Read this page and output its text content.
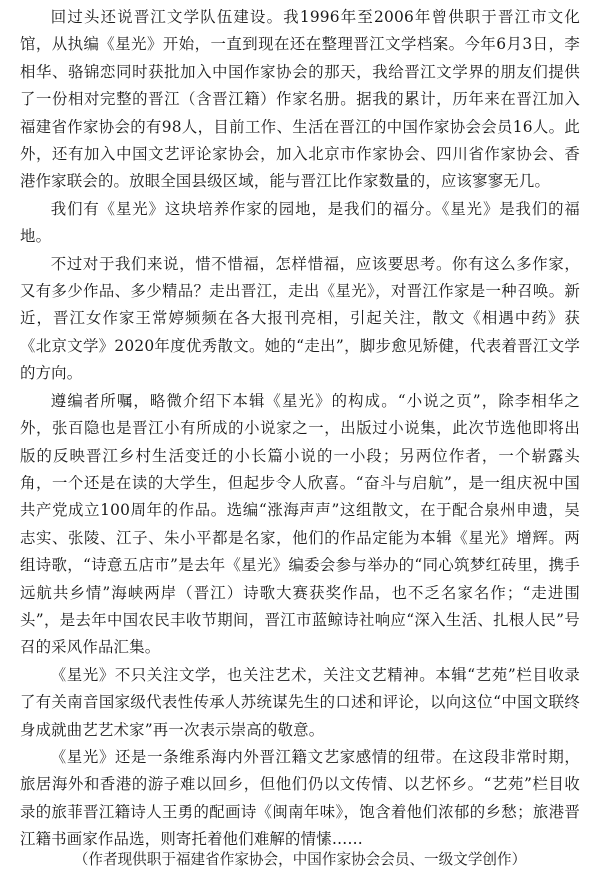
回过头还说晋江文学队伍建设。我1996年至2006年曾供职于晋江市文化馆，从执编《星光》开始，一直到现在还在整理晋江文学档案。今年6月3日，李相华、骆锦恋同时获批加入中国作家协会的那天，我给晋江文学界的朋友们提供了一份相对完整的晋江（含晋江籍）作家名册。据我的累计，历年来在晋江加入福建省作家协会的有98人，目前工作、生活在晋江的中国作家协会会员16人。此外，还有加入中国文艺评论家协会，加入北京市作家协会、四川省作家协会、香港作家联会的。放眼全国县级区域，能与晋江比作家数量的，应该寥寥无几。

我们有《星光》这块培养作家的园地，是我们的福分。《星光》是我们的福地。

不过对于我们来说，惜不惜福，怎样惜福，应该要思考。你有这么多作家，又有多少作品、多少精品？走出晋江，走出《星光》，对晋江作家是一种召唤。新近，晋江女作家王常婷频频在各大报刊亮相，引起关注，散文《相遇中药》获《北京文学》2020年度优秀散文。她的“走出”，脚步愈见矫健，代表着晋江文学的方向。

遵编者所嘱，略微介绍下本辑《星光》的构成。“小说之页”，除李相华之外，张百隐也是晋江小有所成的小说家之一，出版过小说集，此次节选他即将出版的反映晋江乡村生活变迁的小长篇小说的一小段；另两位作者，一个崭露头角，一个还是在读的大学生，但起步令人欣喜。“奋斗与启航”，是一组庆祝中国共产党成立100周年的作品。选编“涨海声声”这组散文，在于配合泉州申遗，吴志实、张陵、江子、朱小平都是名家，他们的作品定能为本辑《星光》增辉。两组诗歌，“诗意五店市”是去年《星光》编委会参与举办的“同心筑梦红砖里，携手远航共乡情”海峡两岸（晋江）诗歌大赛获奖作品，也不乏名家名作；“走进围头”，是去年中国农民丰收节期间，晋江市蓝鲸诗社响应“深入生活、扎根人民”号召的采风作品汇集。

《星光》不只关注文学，也关注艺术，关注文艺精神。本辑“艺苑”栏目收录了有关南音国家级代表性传承人苏统谋先生的口述和评论，以向这位“中国文联终身成就曲艺艺术家”再一次表示崇高的敬意。

《星光》还是一条维系海内外晋江籍文艺家感情的纽带。在这段非常时期，旅居海外和香港的游子难以回乡，但他们仍以文传情、以艺怀乡。“艺苑”栏目收录的旅菲晋江籍诗人王勇的配画诗《闽南年味》，饱含着他们浓郁的乡愁；旅港晋江籍书画家作品选，则寄托着他们难解的情愫……

（作者现供职于福建省作家协会，中国作家协会会员、一级文学创作）
